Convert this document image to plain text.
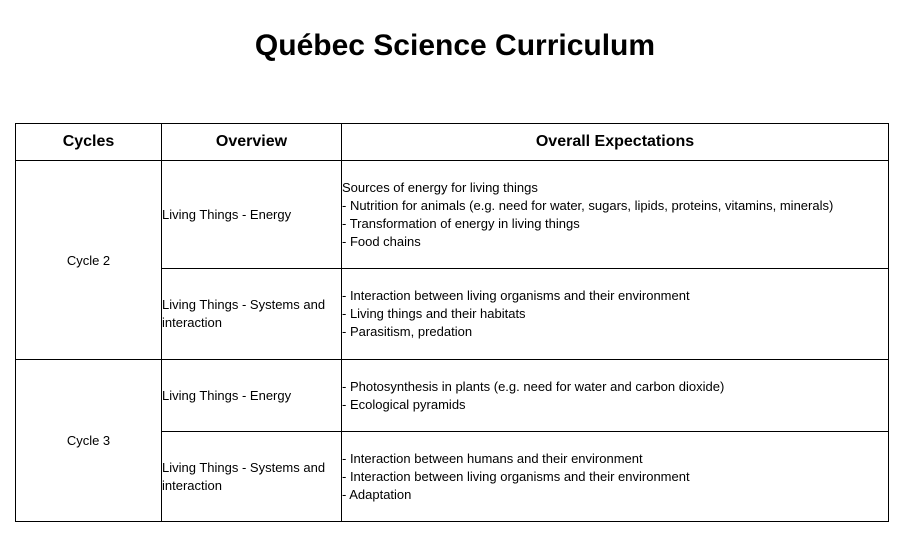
Québec Science Curriculum
Cycles	Overview	Overall Expectations
Cycle 2	Living Things - Energy	Sources of energy for living things
- Nutrition for animals (e.g. need for water, sugars, lipids, proteins, vitamins, minerals)
- Transformation of energy in living things
- Food chains

	Living Things - Systems and interaction	- Interaction between living organisms and their environment
- Living things and their habitats
- Parasitism, predation

Cycle 3	Living Things - Energy	- Photosynthesis in plants (e.g. need for water and carbon dioxide)
- Ecological pyramids

	Living Things - Systems and interaction	- Interaction between humans and their environment
- Interaction between living organisms and their environment
- Adaptation
